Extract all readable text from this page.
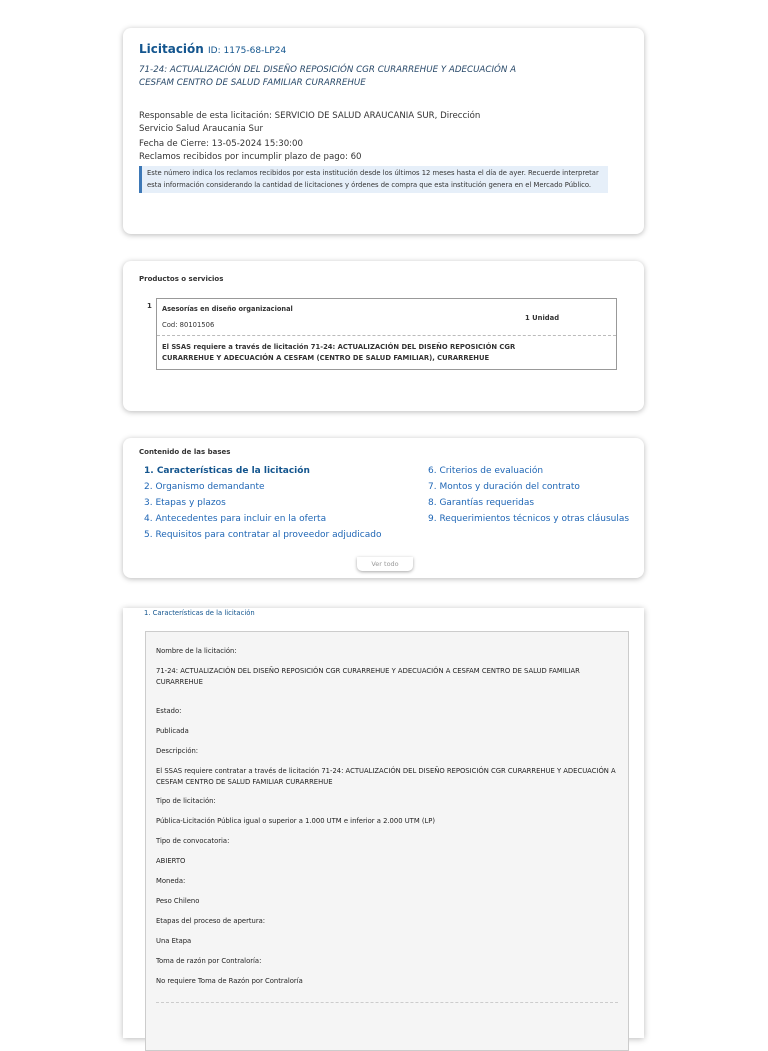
Licitación ID: 1175-68-LP24
71-24: ACTUALIZACIÓN DEL DISEÑO REPOSICIÓN CGR CURARREHUE Y ADECUACIÓN A CESFAM CENTRO DE SALUD FAMILIAR CURARREHUE
Responsable de esta licitación: SERVICIO DE SALUD ARAUCANIA SUR, Dirección Servicio Salud Araucania Sur
Fecha de Cierre: 13-05-2024 15:30:00
Reclamos recibidos por incumplir plazo de pago: 60
Este número indica los reclamos recibidos por esta institución desde los últimos 12 meses hasta el día de ayer. Recuerde interpretar esta información considerando la cantidad de licitaciones y órdenes de compra que esta institución genera en el Mercado Público.
Productos o servicios
1 Asesorías en diseño organizacional
Cod: 80101506
1 Unidad
El SSAS requiere a través de licitación 71-24: ACTUALIZACIÓN DEL DISEÑO REPOSICIÓN CGR CURARREHUE Y ADECUACIÓN A CESFAM (CENTRO DE SALUD FAMILIAR), CURARREHUE
Contenido de las bases
1. Características de la licitación
2. Organismo demandante
3. Etapas y plazos
4. Antecedentes para incluir en la oferta
5. Requisitos para contratar al proveedor adjudicado
6. Criterios de evaluación
7. Montos y duración del contrato
8. Garantías requeridas
9. Requerimientos técnicos y otras cláusulas
Ver todo
1. Características de la licitación
Nombre de la licitación:
71-24: ACTUALIZACIÓN DEL DISEÑO REPOSICIÓN CGR CURARREHUE Y ADECUACIÓN A CESFAM CENTRO DE SALUD FAMILIAR CURARREHUE
Estado:
Publicada
Descripción:
El SSAS requiere contratar a través de licitación 71-24: ACTUALIZACIÓN DEL DISEÑO REPOSICIÓN CGR CURARREHUE Y ADECUACIÓN A CESFAM CENTRO DE SALUD FAMILIAR CURARREHUE
Tipo de licitación:
Pública-Licitación Pública igual o superior a 1.000 UTM e inferior a 2.000 UTM (LP)
Tipo de convocatoria:
ABIERTO
Moneda:
Peso Chileno
Etapas del proceso de apertura:
Una Etapa
Toma de razón por Contraloría:
No requiere Toma de Razón por Contraloría
